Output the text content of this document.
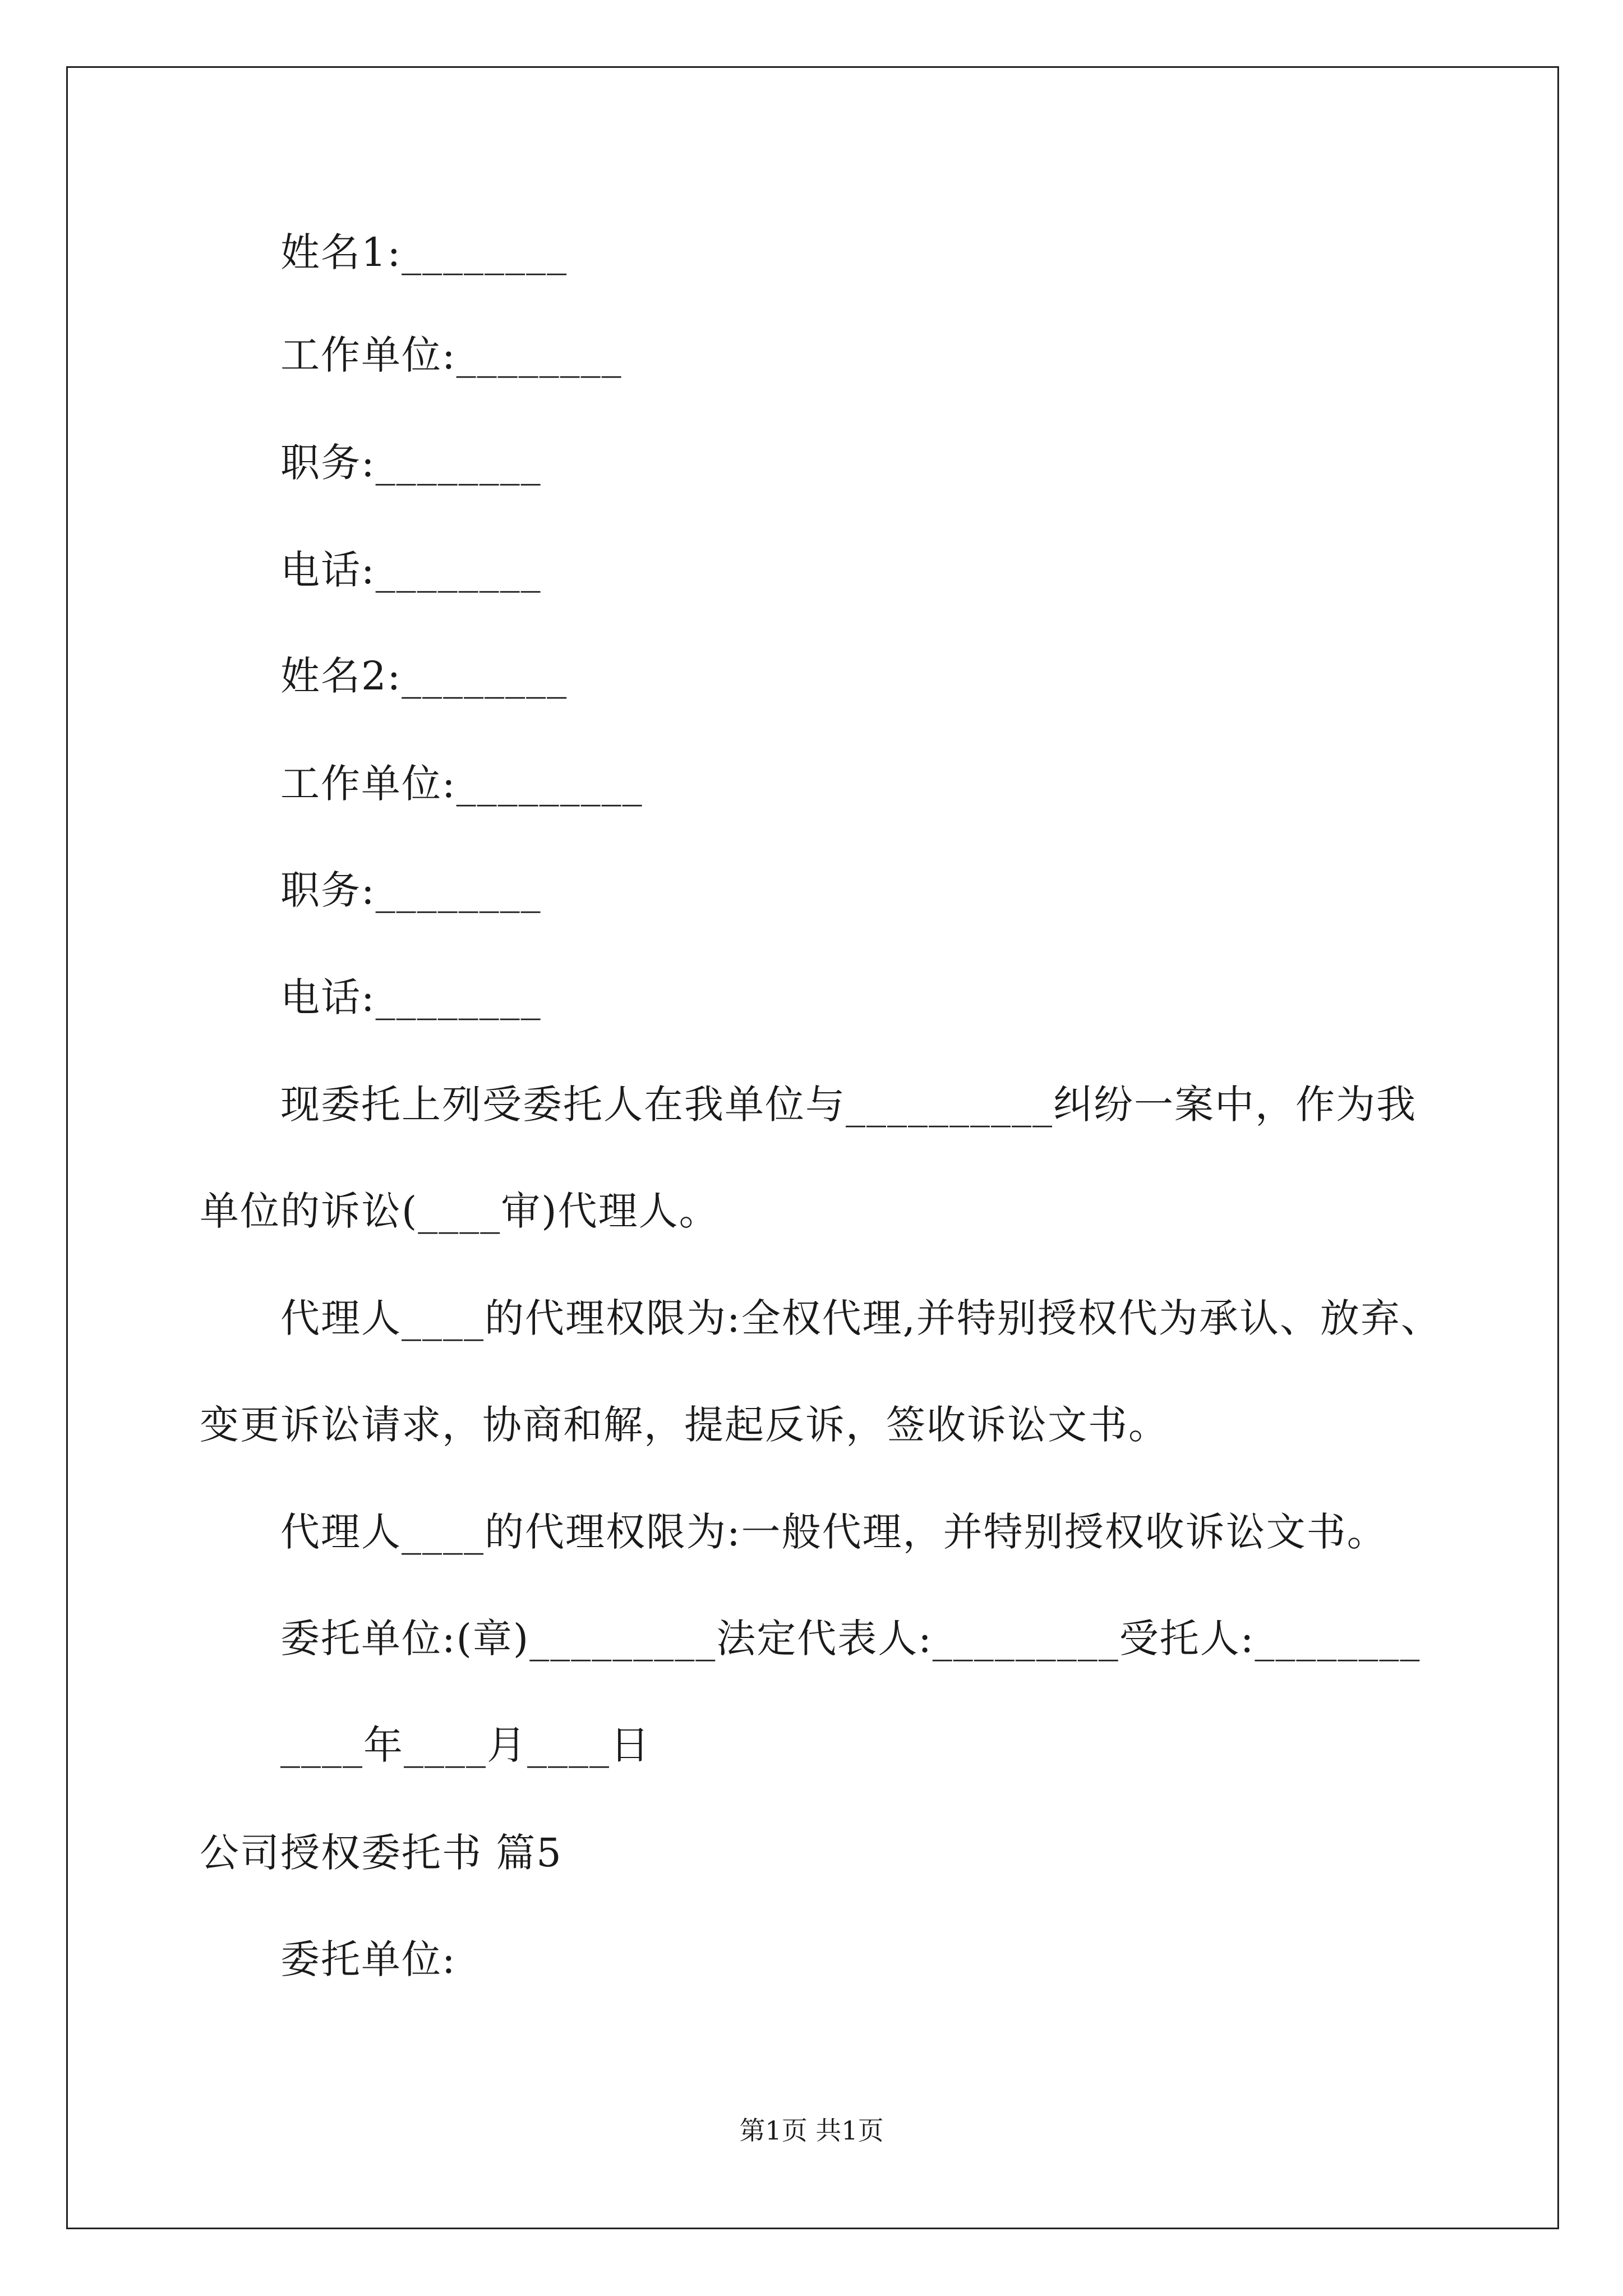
姓名1:________
工作单位:________
职务:________
电话:________
姓名2:________
工作单位:_________
职务:________
电话:________
现委托上列受委托人在我单位与__________纠纷一案中，作为我
单位的诉讼(____审)代理人。
代理人____的代理权限为:全权代理,并特别授权代为承认、放弃、
变更诉讼请求，协商和解，提起反诉，签收诉讼文书。
代理人____的代理权限为:一般代理，并特别授权收诉讼文书。
委托单位:(章)_________法定代表人:_________受托人:________
____年____月____日
公司授权委托书 篇5
委托单位:
第1页 共1页
